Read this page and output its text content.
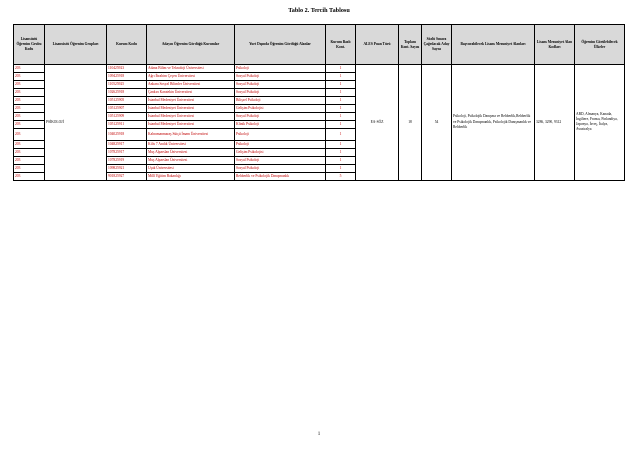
Tablo 2. Tercih Tablosu
Lisansüstü Öğrenim Grubu Kodu	Lisansüstü Öğrenim Grupları	Kurum Kodu	Adayın Öğrenim Gördüğü Kurumlar	Yurt Dışında Öğrenim Gördüğü Alanlar	Kurum Bazlı Kont.	ALES Puan Türü	Toplam Kont. Sayısı	Sözlü Sınava Çağrılacak Aday Sayısı	Başvurabilecek Lisans Mezuniyet Alanları	Lisans Mezuniyet Alan Kodları	Öğrenim Görülebilecek Ülkeler
203	PSİKOLOJİ	110425923	Adana Bilim ve Teknoloji Üniversitesi	Psikoloji	1	EA-SÖZ	18	54	Psikoloji, Psikolojik Danışma ve Rehberlik,Rehberlik ve Psikolojik Danışmanlık, Psikolojik Danışmanlık ve Rehberlik	3286, 3290, 9312	ABD, Almanya, Kanada, İngiltere, Fransa, Finlandiya, Japonya, İsveç, İtalya, Avustralya
203		109425918	Ağrı İbrahim Çeçen Üniversitesi	Sosyal Psikoloji	1						
203		110525925	Ankara Sosyal Bilimler Üniversitesi	Sosyal Psikoloji	1						
203		102625918	Çankırı Karatekin Üniversitesi	Sosyal Psikoloji	1						
203		105125905	İstanbul Medeniyet Üniversitesi	Bilişsel Psikoloji	1						
203		105125907	İstanbul Medeniyet Üniversitesi	Gelişim Psikolojisi	1						
203		105125909	İstanbul Medeniyet Üniversitesi	Sosyal Psikoloji	1						
203		105125911	İstanbul Medeniyet Üniversitesi	Klinik Psikoloji	1						
203		104025918	Kahramanmaraş Sütçü İmam Üniversitesi	Psikoloji	1						
203		104825917	Kilis 7 Aralık Üniversitesi	Psikoloji	1						
203		107825917	Muş Alparslan Üniversitesi	Gelişim Psikolojisi	1						
203		107825919	Muş Alparslan Üniversitesi	Sosyal Psikoloji	1						
203		109825921	Uşak Üniversitesi	Sosyal Psikoloji	1						
203		901825927	Millî Eğitim Bakanlığı	Rehberlik ve Psikolojik Danışmanlık	5						
1
